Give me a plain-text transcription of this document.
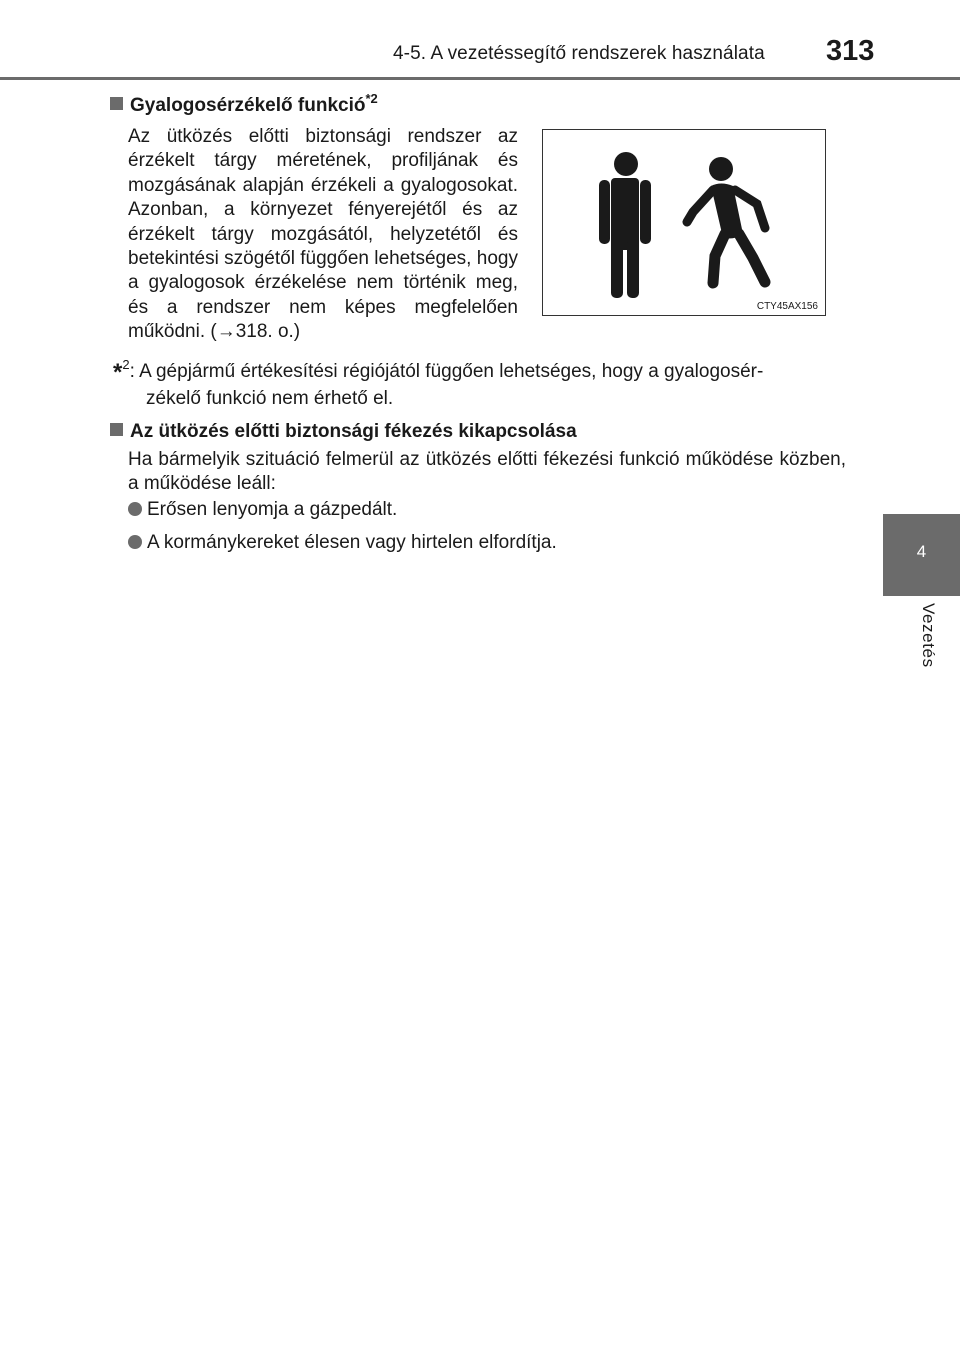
4-5. A vezetéssegítő rendszerek használata	313
4
Vezetés
Gyalogosérzékelő funkció$^{*2}$
Az ütközés előtti biztonsági rendszer az érzékelt tárgy méretének, profiljának és mozgásának alapján érzékeli a gyalogosokat. Azonban, a környezet fényerejétől és az érzékelt tárgy mozgásától, helyzetétől és betekintési szögétől függően lehetséges, hogy a gyalogosok érzékelése nem történik meg, és a rendszer nem képes megfelelően működni. (→318. o.)
CTY45AX156
*$^2$: A gépjármű értékesítési régiójától függően lehetséges, hogy a gyalogosér-
zékelő funkció nem érhető el.
Az ütközés előtti biztonsági fékezés kikapcsolása
Ha bármelyik szituáció felmerül az ütközés előtti fékezési funkció működése közben, a működése leáll:
Erősen lenyomja a gázpedált.
A kormánykereket élesen vagy hirtelen elfordítja.
